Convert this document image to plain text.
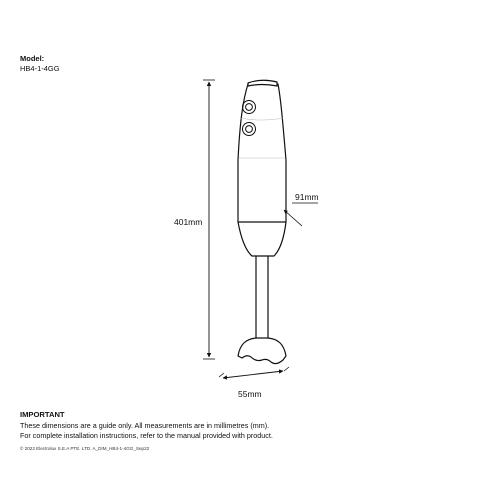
Model:
HB4-1-4GG
401mm
91mm
55mm
IMPORTANT
These dimensions are a guide only. All measurements are in millimetres (mm).
For complete installation instructions, refer to the manual provided with product.
© 2022 Electrolux S.E.A PTE. LTD. A_DIM_HB4-1-4GG_Sep22
